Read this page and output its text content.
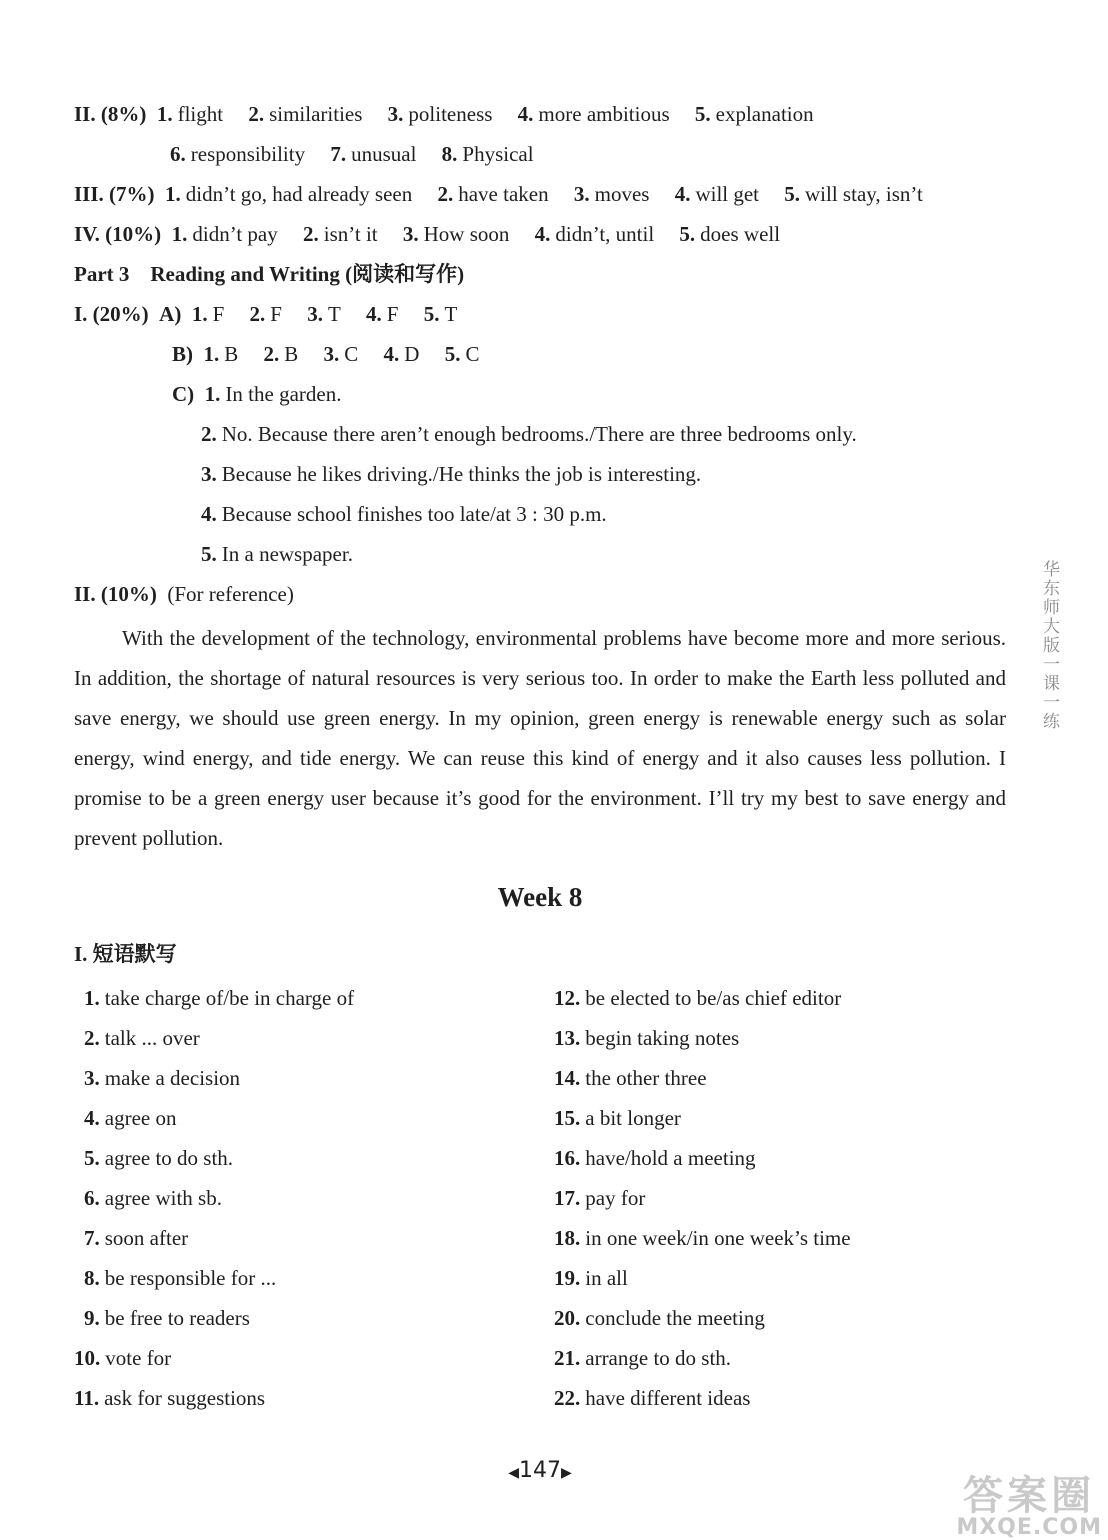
II. (8%) 1. flight 2. similarities 3. politeness 4. more ambitious 5. explanation
6. responsibility 7. unusual 8. Physical
III. (7%) 1. didn’t go, had already seen 2. have taken 3. moves 4. will get 5. will stay, isn’t
IV. (10%) 1. didn’t pay 2. isn’t it 3. How soon 4. didn’t, until 5. does well
Part 3    Reading and Writing (阅读和写作)
I. (20%) A) 1. F 2. F 3. T 4. F 5. T
B) 1. B 2. B 3. C 4. D 5. C
C) 1. In the garden.
2. No. Because there aren’t enough bedrooms./There are three bedrooms only.
3. Because he likes driving./He thinks the job is interesting.
4. Because school finishes too late/at 3 : 30 p.m.
5. In a newspaper.
II. (10%) (For reference)
With the development of the technology, environmental problems have become more and more serious. In addition, the shortage of natural resources is very serious too. In order to make the Earth less polluted and save energy, we should use green energy. In my opinion, green energy is renewable energy such as solar energy, wind energy, and tide energy. We can reuse this kind of energy and it also causes less pollution. I promise to be a green energy user because it’s good for the environment. I’ll try my best to save energy and prevent pollution.
Week 8
I. 短语默写
1. take charge of/be in charge of
2. talk ... over
3. make a decision
4. agree on
5. agree to do sth.
6. agree with sb.
7. soon after
8. be responsible for ...
9. be free to readers
10. vote for
11. ask for suggestions
12. be elected to be/as chief editor
13. begin taking notes
14. the other three
15. a bit longer
16. have/hold a meeting
17. pay for
18. in one week/in one week’s time
19. in all
20. conclude the meeting
21. arrange to do sth.
22. have different ideas
华东师大版一课一练
◀147▶	答案圈
MXQE.COM
